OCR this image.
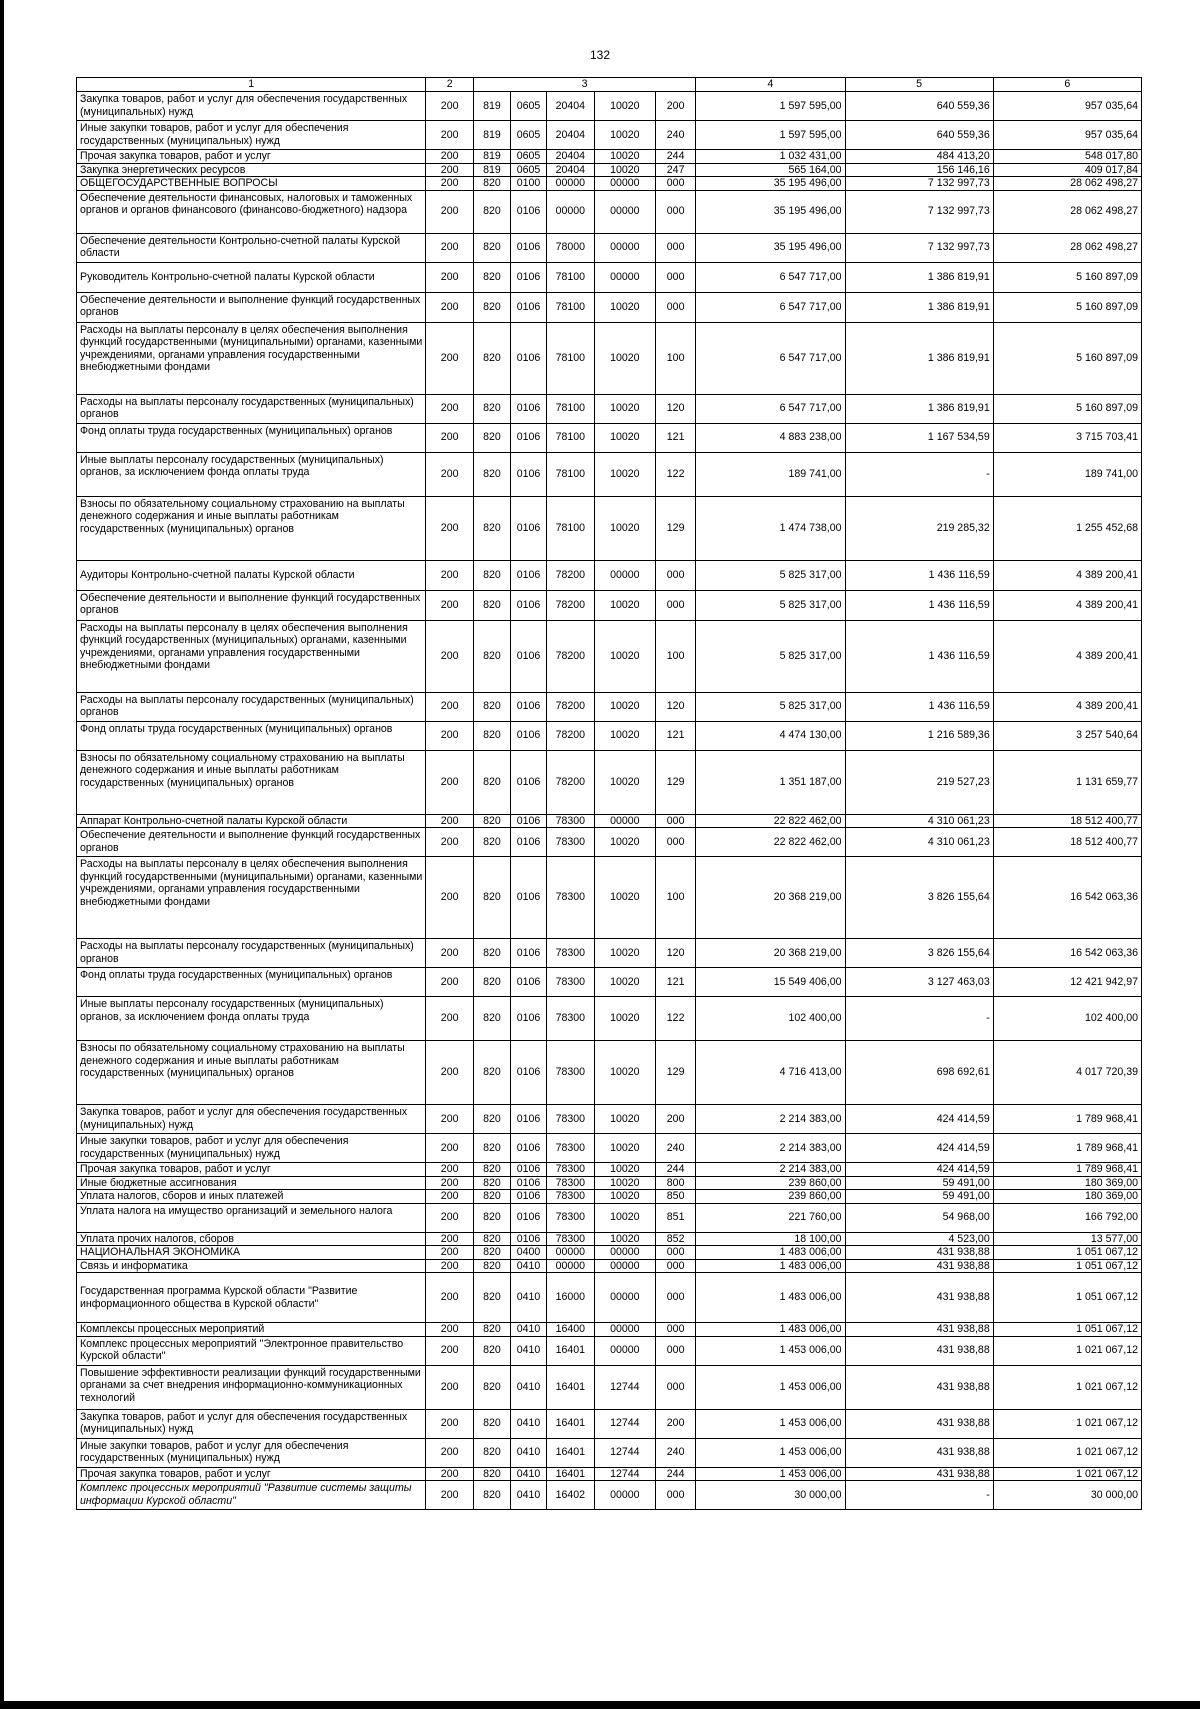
132
1	2	3					4	5	6
Закупка товаров, работ и услуг для обеспечения государственных (муниципальных) нужд	200	819	0605	20404	10020	200	1 597 595,00	640 559,36	957 035,64
Иные закупки товаров, работ и услуг для обеспечения государственных (муниципальных) нужд	200	819	0605	20404	10020	240	1 597 595,00	640 559,36	957 035,64
Прочая закупка товаров, работ и услуг	200	819	0605	20404	10020	244	1 032 431,00	484 413,20	548 017,80
Закупка энергетических ресурсов	200	819	0605	20404	10020	247	565 164,00	156 146,16	409 017,84
ОБЩЕГОСУДАРСТВЕННЫЕ ВОПРОСЫ	200	820	0100	00000	00000	000	35 195 496,00	7 132 997,73	28 062 498,27
Обеспечение деятельности финансовых, налоговых и таможенных органов и органов финансового (финансово-бюджетного) надзора	200	820	0106	00000	00000	000	35 195 496,00	7 132 997,73	28 062 498,27
Обеспечение деятельности Контрольно-счетной палаты Курской области	200	820	0106	78000	00000	000	35 195 496,00	7 132 997,73	28 062 498,27
Руководитель Контрольно-счетной палаты Курской области	200	820	0106	78100	00000	000	6 547 717,00	1 386 819,91	5 160 897,09
Обеспечение деятельности и выполнение функций государственных органов	200	820	0106	78100	10020	000	6 547 717,00	1 386 819,91	5 160 897,09
Расходы на выплаты персоналу в целях обеспечения выполнения функций государственными (муниципальными) органами, казенными учреждениями, органами управления государственными внебюджетными фондами	200	820	0106	78100	10020	100	6 547 717,00	1 386 819,91	5 160 897,09
Расходы на выплаты персоналу государственных (муниципальных) органов	200	820	0106	78100	10020	120	6 547 717,00	1 386 819,91	5 160 897,09
Фонд оплаты труда государственных (муниципальных) органов	200	820	0106	78100	10020	121	4 883 238,00	1 167 534,59	3 715 703,41
Иные выплаты персоналу государственных (муниципальных) органов, за исключением фонда оплаты труда	200	820	0106	78100	10020	122	189 741,00	-	189 741,00
Взносы по обязательному социальному страхованию на выплаты денежного содержания и иные выплаты работникам государственных (муниципальных) органов	200	820	0106	78100	10020	129	1 474 738,00	219 285,32	1 255 452,68
Аудиторы Контрольно-счетной палаты Курской области	200	820	0106	78200	00000	000	5 825 317,00	1 436 116,59	4 389 200,41
Обеспечение деятельности и выполнение функций государственных органов	200	820	0106	78200	10020	000	5 825 317,00	1 436 116,59	4 389 200,41
Расходы на выплаты персоналу в целях обеспечения выполнения функций государственных (муниципальных) органами, казенными учреждениями, органами управления государственными внебюджетными фондами	200	820	0106	78200	10020	100	5 825 317,00	1 436 116,59	4 389 200,41
Расходы на выплаты персоналу государственных (муниципальных) органов	200	820	0106	78200	10020	120	5 825 317,00	1 436 116,59	4 389 200,41
Фонд оплаты труда государственных (муниципальных) органов	200	820	0106	78200	10020	121	4 474 130,00	1 216 589,36	3 257 540,64
Взносы по обязательному социальному страхованию на выплаты денежного содержания и иные выплаты работникам государственных (муниципальных) органов	200	820	0106	78200	10020	129	1 351 187,00	219 527,23	1 131 659,77
Аппарат Контрольно-счетной палаты Курской области	200	820	0106	78300	00000	000	22 822 462,00	4 310 061,23	18 512 400,77
Обеспечение деятельности и выполнение функций государственных органов	200	820	0106	78300	10020	000	22 822 462,00	4 310 061,23	18 512 400,77
Расходы на выплаты персоналу в целях обеспечения выполнения функций государственными (муниципальными) органами, казенными учреждениями, органами управления государственными внебюджетными фондами	200	820	0106	78300	10020	100	20 368 219,00	3 826 155,64	16 542 063,36
Расходы на выплаты персоналу государственных (муниципальных) органов	200	820	0106	78300	10020	120	20 368 219,00	3 826 155,64	16 542 063,36
Фонд оплаты труда государственных (муниципальных) органов	200	820	0106	78300	10020	121	15 549 406,00	3 127 463,03	12 421 942,97
Иные выплаты персоналу государственных (муниципальных) органов, за исключением фонда оплаты труда	200	820	0106	78300	10020	122	102 400,00	-	102 400,00
Взносы по обязательному социальному страхованию на выплаты денежного содержания и иные выплаты работникам государственных (муниципальных) органов	200	820	0106	78300	10020	129	4 716 413,00	698 692,61	4 017 720,39
Закупка товаров, работ и услуг для обеспечения государственных (муниципальных) нужд	200	820	0106	78300	10020	200	2 214 383,00	424 414,59	1 789 968,41
Иные закупки товаров, работ и услуг для обеспечения государственных (муниципальных) нужд	200	820	0106	78300	10020	240	2 214 383,00	424 414,59	1 789 968,41
Прочая закупка товаров, работ и услуг	200	820	0106	78300	10020	244	2 214 383,00	424 414,59	1 789 968,41
Иные бюджетные ассигнования	200	820	0106	78300	10020	800	239 860,00	59 491,00	180 369,00
Уплата налогов, сборов и иных платежей	200	820	0106	78300	10020	850	239 860,00	59 491,00	180 369,00
Уплата налога на имущество организаций и земельного налога	200	820	0106	78300	10020	851	221 760,00	54 968,00	166 792,00
Уплата прочих налогов, сборов	200	820	0106	78300	10020	852	18 100,00	4 523,00	13 577,00
НАЦИОНАЛЬНАЯ ЭКОНОМИКА	200	820	0400	00000	00000	000	1 483 006,00	431 938,88	1 051 067,12
Связь и информатика	200	820	0410	00000	00000	000	1 483 006,00	431 938,88	1 051 067,12
Государственная программа Курской области "Развитие информационного общества в Курской области"	200	820	0410	16000	00000	000	1 483 006,00	431 938,88	1 051 067,12
Комплексы процессных мероприятий	200	820	0410	16400	00000	000	1 483 006,00	431 938,88	1 051 067,12
Комплекс процессных мероприятий "Электронное правительство Курской области"	200	820	0410	16401	00000	000	1 453 006,00	431 938,88	1 021 067,12
Повышение эффективности реализации функций государственными органами за счет внедрения информационно-коммуникационных технологий	200	820	0410	16401	12744	000	1 453 006,00	431 938,88	1 021 067,12
Закупка товаров, работ и услуг для обеспечения государственных (муниципальных) нужд	200	820	0410	16401	12744	200	1 453 006,00	431 938,88	1 021 067,12
Иные закупки товаров, работ и услуг для обеспечения государственных (муниципальных) нужд	200	820	0410	16401	12744	240	1 453 006,00	431 938,88	1 021 067,12
Прочая закупка товаров, работ и услуг	200	820	0410	16401	12744	244	1 453 006,00	431 938,88	1 021 067,12
Комплекс процессных мероприятий "Развитие системы защиты информации Курской области"	200	820	0410	16402	00000	000	30 000,00	-	30 000,00
